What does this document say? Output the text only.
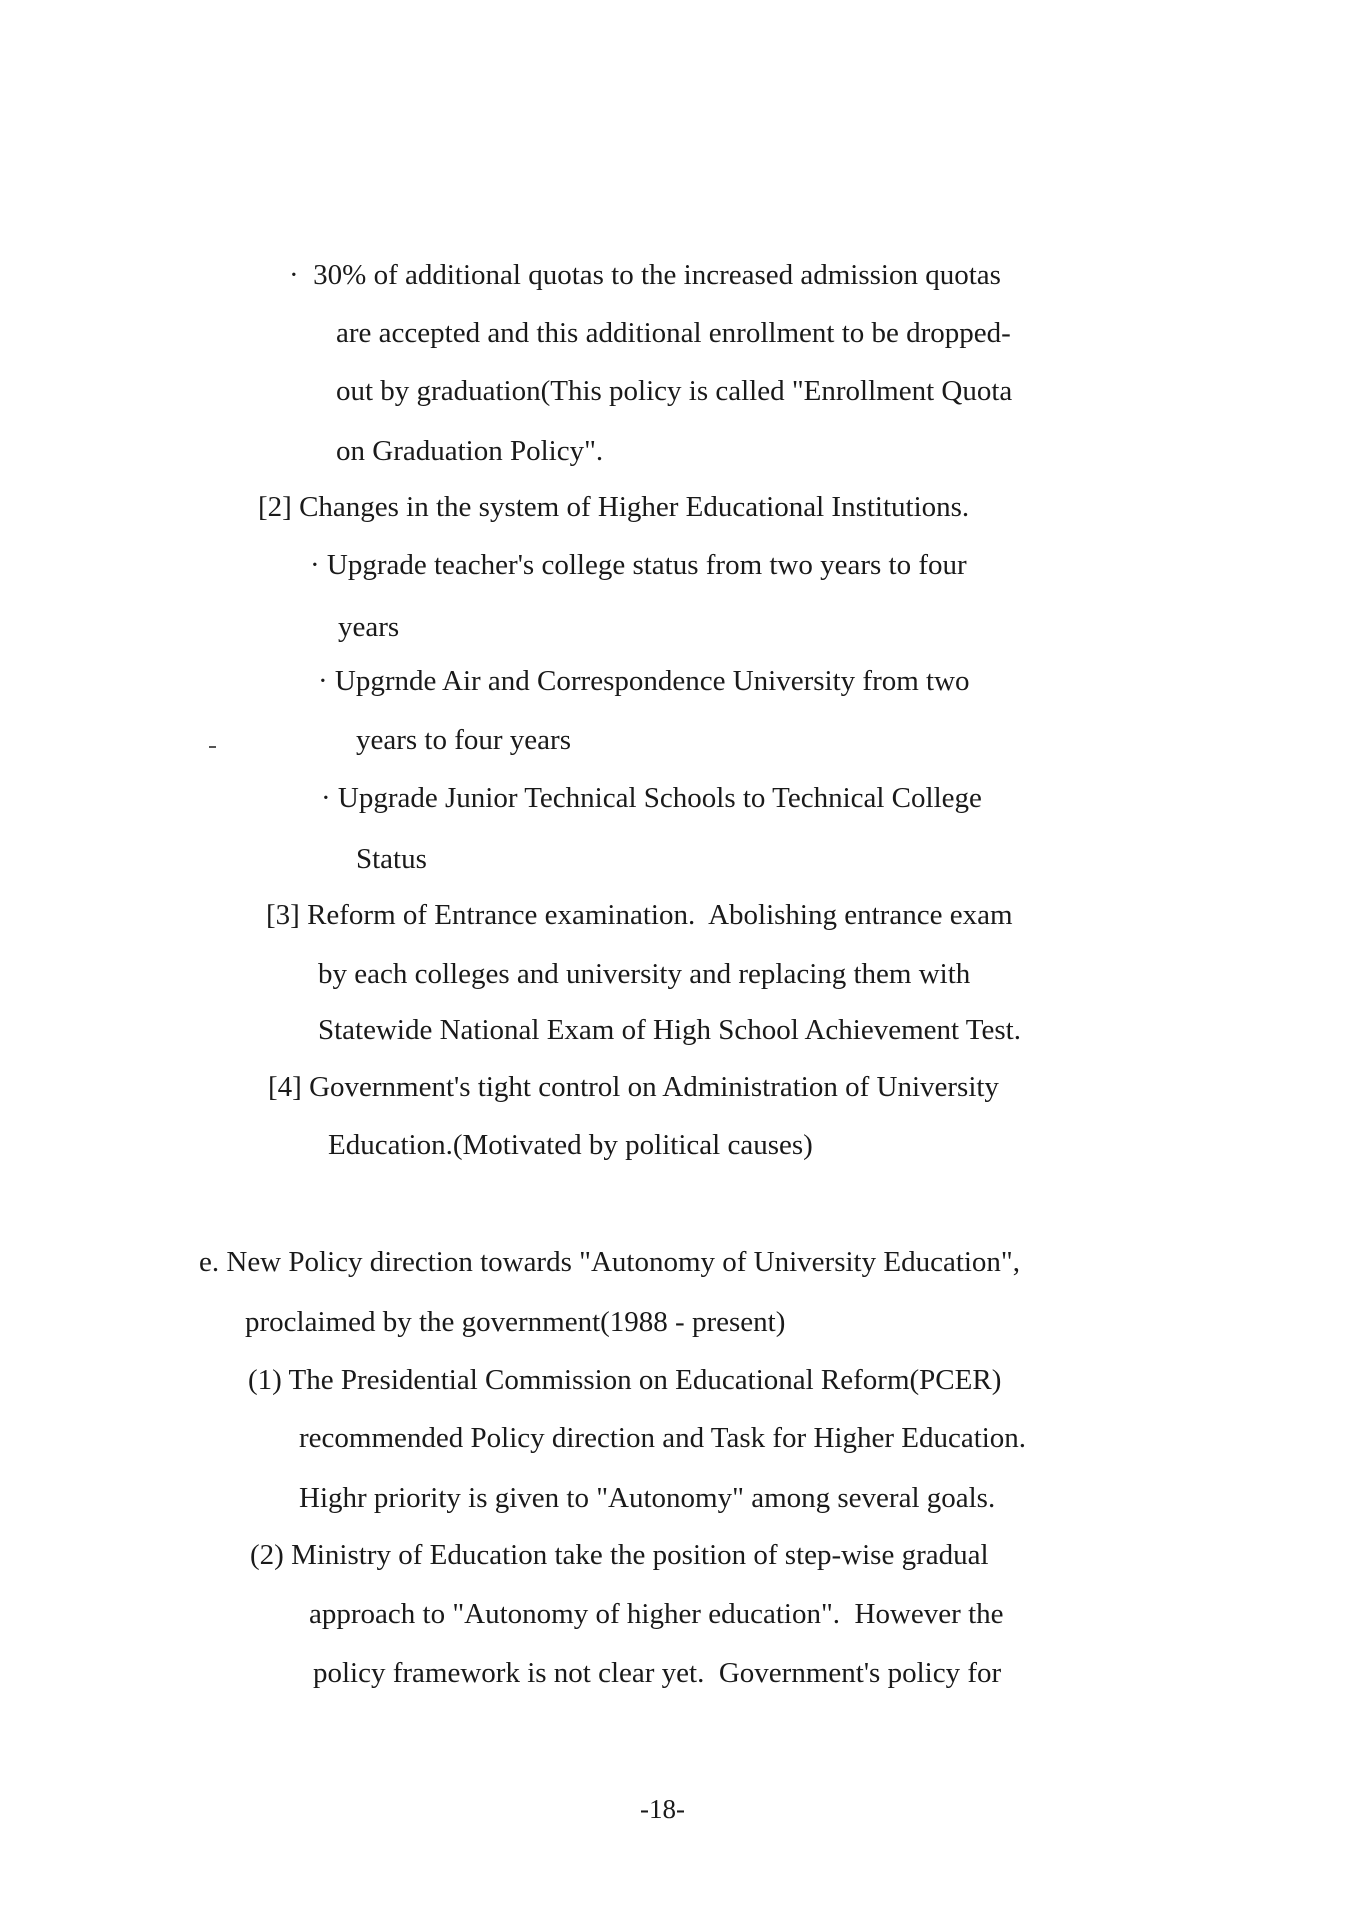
·  30% of additional quotas to the increased admission quotas
are accepted and this additional enrollment to be dropped-
out by graduation(This policy is called "Enrollment Quota
on Graduation Policy".
[2] Changes in the system of Higher Educational Institutions.
· Upgrade teacher's college status from two years to four
years
· Upgrnde Air and Correspondence University from two
years to four years
· Upgrade Junior Technical Schools to Technical College
Status
[3] Reform of Entrance examination.  Abolishing entrance exam
by each colleges and university and replacing them with
Statewide National Exam of High School Achievement Test.
[4] Government's tight control on Administration of University
Education.(Motivated by political causes)
e. New Policy direction towards "Autonomy of University Education",
proclaimed by the government(1988 - present)
(1) The Presidential Commission on Educational Reform(PCER)
recommended Policy direction and Task for Higher Education.
Highr priority is given to "Autonomy" among several goals.
(2) Ministry of Education take the position of step-wise gradual
approach to "Autonomy of higher education".  However the
policy framework is not clear yet.  Government's policy for
-18-
